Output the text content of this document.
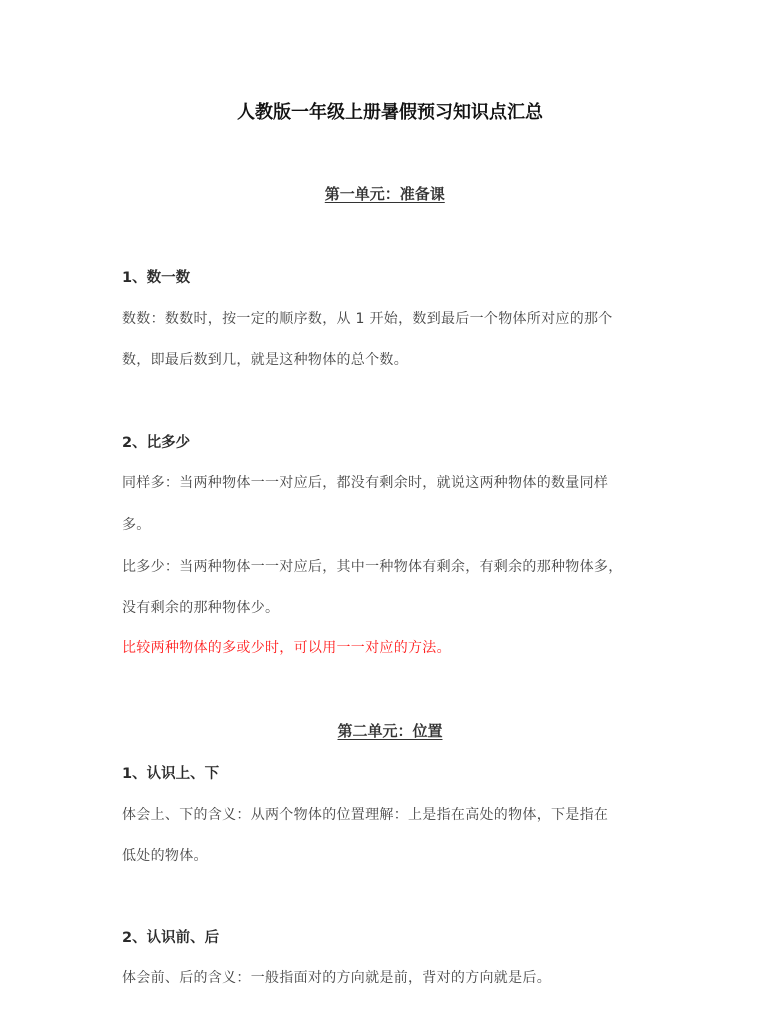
人教版一年级上册暑假预习知识点汇总
第一单元：准备课
1、数一数
数数：数数时，按一定的顺序数，从 1 开始，数到最后一个物体所对应的那个
数，即最后数到几，就是这种物体的总个数。
2、比多少
同样多：当两种物体一一对应后，都没有剩余时，就说这两种物体的数量同样
多。
比多少：当两种物体一一对应后，其中一种物体有剩余，有剩余的那种物体多，
没有剩余的那种物体少。
比较两种物体的多或少时，可以用一一对应的方法。
第二单元：位置
1、认识上、下
体会上、下的含义：从两个物体的位置理解：上是指在高处的物体，下是指在
低处的物体。
2、认识前、后
体会前、后的含义：一般指面对的方向就是前，背对的方向就是后。
